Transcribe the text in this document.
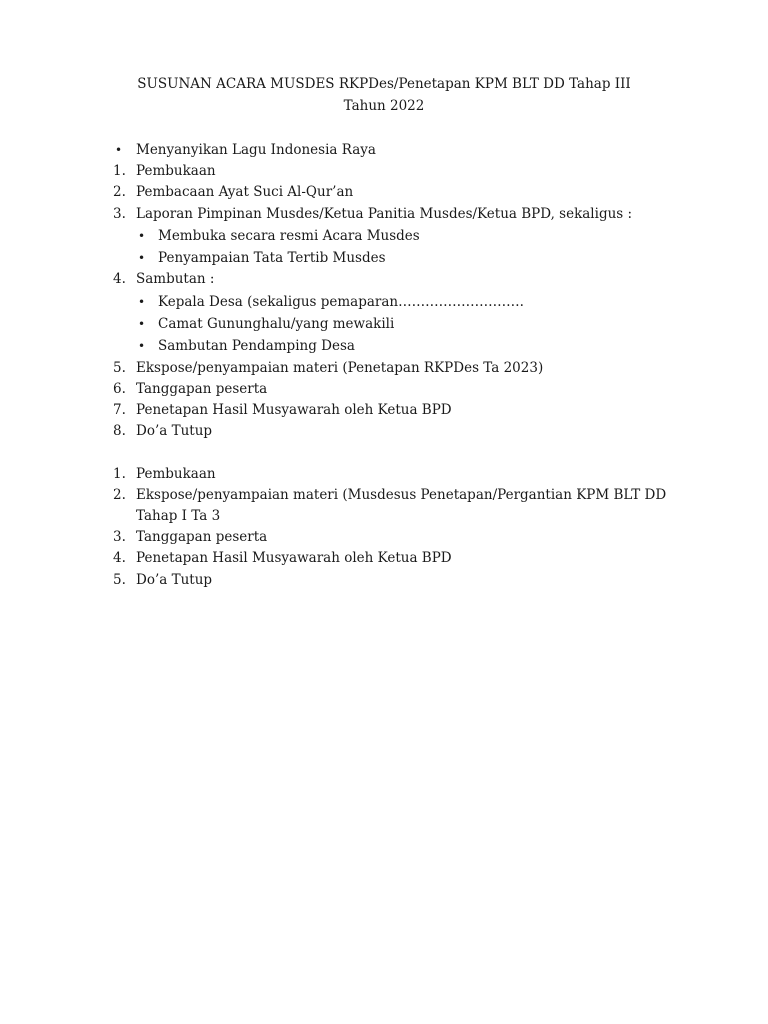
SUSUNAN ACARA MUSDES RKPDes/Penetapan KPM BLT DD Tahap III
Tahun 2022
• Menyanyikan Lagu Indonesia Raya
1. Pembukaan
2. Pembacaan Ayat Suci Al-Qur’an
3. Laporan Pimpinan Musdes/Ketua Panitia Musdes/Ketua BPD, sekaligus :
• Membuka secara resmi Acara Musdes
• Penyampaian Tata Tertib Musdes
4. Sambutan :
• Kepala Desa (sekaligus pemaparan……………………….
• Camat Gununghalu/yang mewakili
• Sambutan Pendamping Desa
5. Ekspose/penyampaian materi (Penetapan RKPDes Ta 2023)
6. Tanggapan peserta
7. Penetapan Hasil Musyawarah oleh Ketua BPD
8. Do’a Tutup
1. Pembukaan
2. Ekspose/penyampaian materi (Musdesus Penetapan/Pergantian KPM BLT DD
Tahap I Ta 3
3. Tanggapan peserta
4. Penetapan Hasil Musyawarah oleh Ketua BPD
5. Do’a Tutup
